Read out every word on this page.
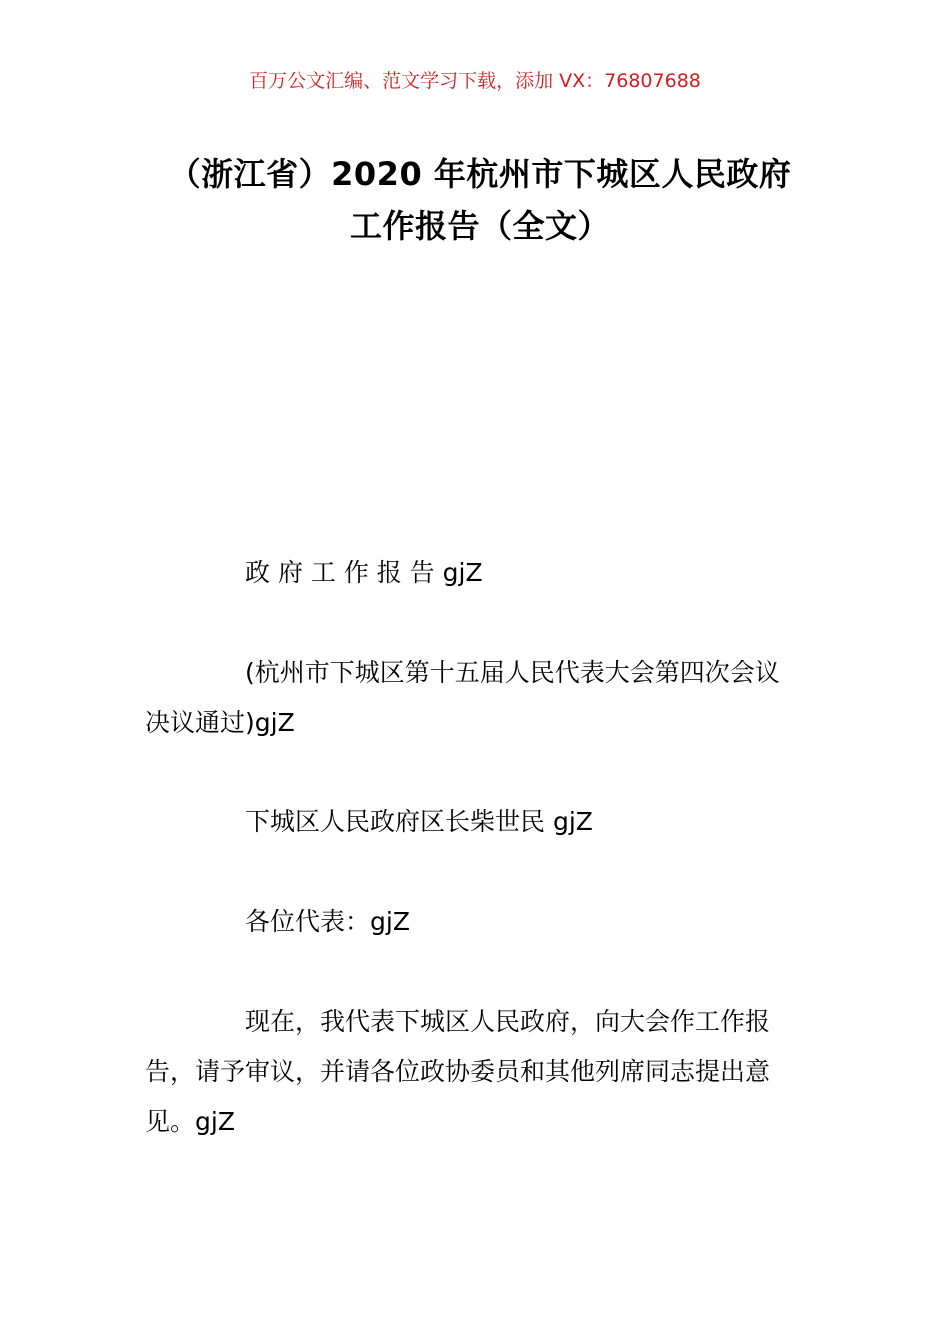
百万公文汇编、范文学习下载，添加 VX：76807688
（浙江省）2020 年杭州市下城区人民政府
工作报告（全文）
政 府 工 作 报 告 gjZ
(杭州市下城区第十五届人民代表大会第四次会议
决议通过)gjZ
下城区人民政府区长柴世民 gjZ
各位代表：gjZ
现在，我代表下城区人民政府，向大会作工作报
告，请予审议，并请各位政协委员和其他列席同志提出意
见。gjZ
